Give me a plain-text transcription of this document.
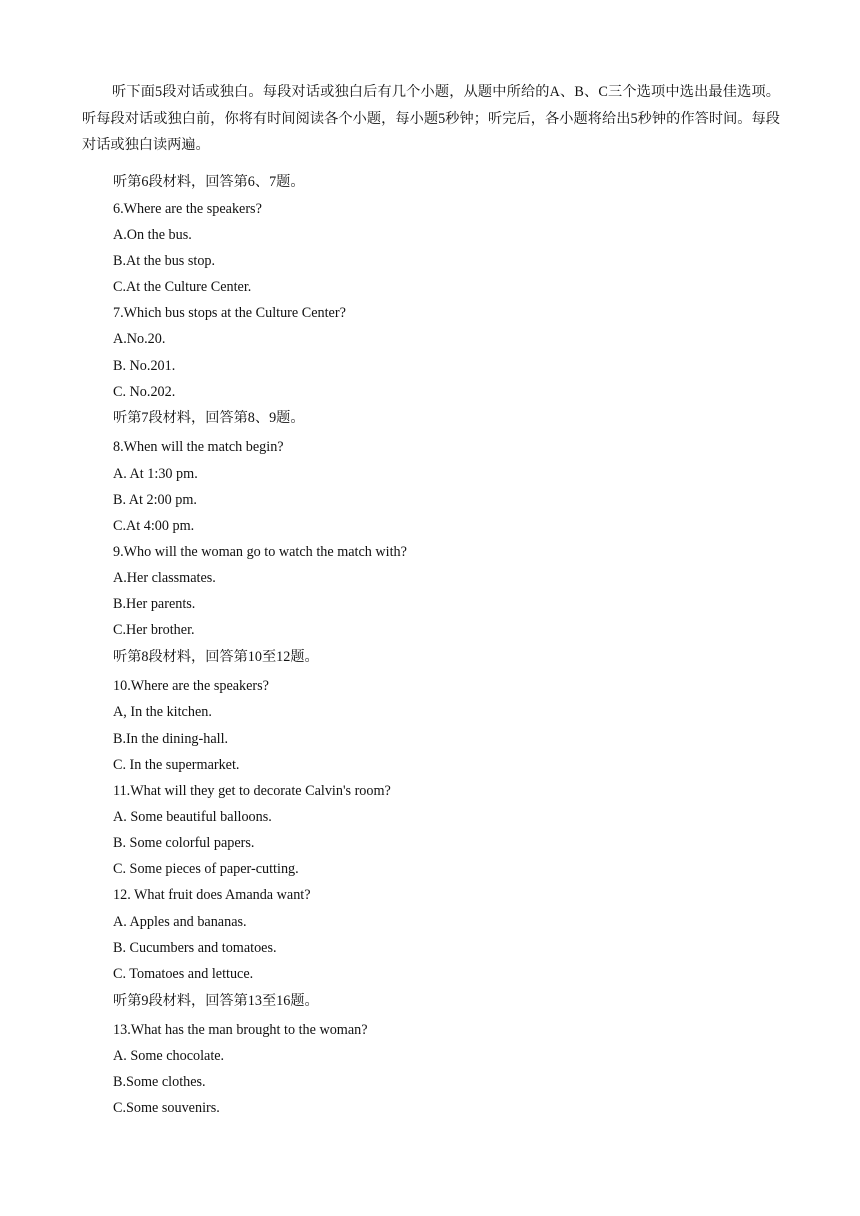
听下面5段对话或独白。每段对话或独白后有几个小题，从题中所给的A、B、C三个选项中选出最佳选项。听每段对话或独白前，你将有时间阅读各个小题，每小题5秒钟；听完后，各小题将给出5秒钟的作答时间。每段对话或独白读两遍。

听第6段材料，回答第6、7题。

6.Where are the speakers?

A.On the bus.

B.At the bus stop.

C.At the Culture Center.

7.Which bus stops at the Culture Center?

A.No.20.

B. No.201.

C. No.202.

听第7段材料，回答第8、9题。

8.When will the match begin?

A. At 1:30 pm.

B. At 2:00 pm.

C.At 4:00 pm.

9.Who will the woman go to watch the match with?

A.Her classmates.

B.Her parents.

C.Her brother.

听第8段材料，回答第10至12题。

10.Where are the speakers?

A, In the kitchen.

B.In the dining-hall.

C. In the supermarket.

11.What will they get to decorate Calvin's room?

A. Some beautiful balloons.

B. Some colorful papers.

C. Some pieces of paper-cutting.

12. What fruit does Amanda want?

A. Apples and bananas.

B. Cucumbers and tomatoes.

C. Tomatoes and lettuce.

听第9段材料，回答第13至16题。

13.What has the man brought to the woman?

A. Some chocolate.

B.Some clothes.

C.Some souvenirs.
